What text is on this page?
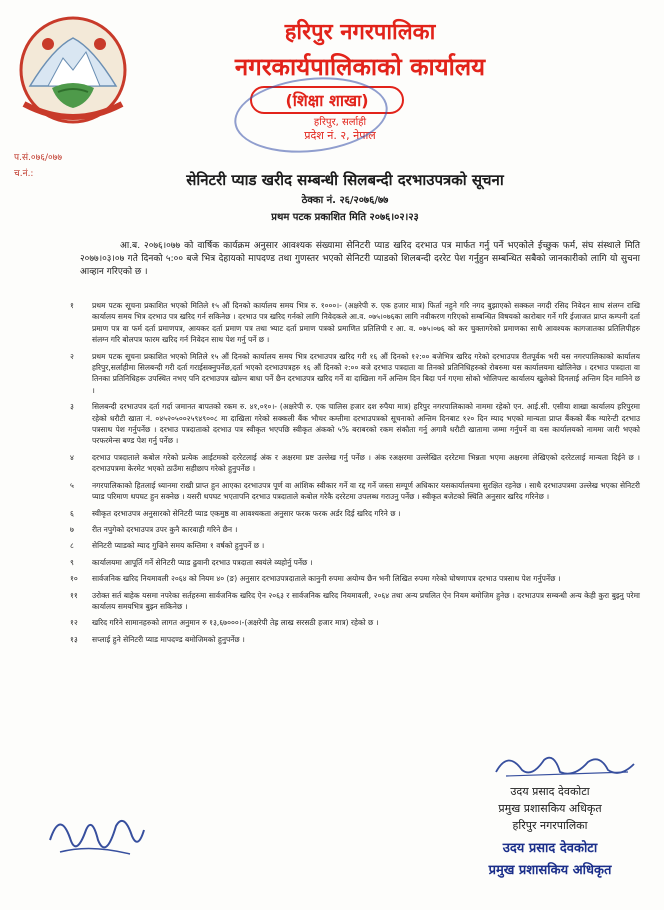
हरिपुर नगरपालिका
नगरकार्यपालिकाको कार्यालय
(शिक्षा शाखा)
हरिपुर, सर्लाही
प्रदेश नं. २, नेपाल
प.सं.०७६/०७७
च.नं.:	सेनिटरी प्याड खरीद सम्बन्धी सिलबन्दी दरभाउपत्रको सूचना
ठेक्का नं. २६/२०७६/७७
प्रथम पटक प्रकाशित मिति २०७६।०२।२३
आ.ब. २०७६।०७७ को वार्षिक कार्यक्रम अनुसार आवश्यक संख्यामा सेनिटरी प्याड खरिद दरभाउ पत्र मार्फत गर्नु पर्ने भएकोले ईच्छुक फर्म, संघ संस्थाले मिति २०७७।०३।०७ गते दिनको ५:०० बजे भित्र देहायको मापदण्ड तथा गुणस्तर भएको सेनिटरी प्याडको शिलबन्दी दररेट पेश गर्नुहुन सम्बन्धित सबैको जानकारीको लागि यो सुचना आव्हान गरिएको छ ।
१	प्रथम पटक सूचना प्रकाशित भएको मितिले १५ औं दिनको कार्यालय समय भित्र रु. १०००।- (अक्षरेपी रु. एक हजार मात्र) फिर्ता नहुने गरि नगद बुझाएको सक्कल नगदी रसिद निवेदन साथ संलग्न राखि कार्यालय समय भित्र दरभाउ पत्र खरिद गर्न सकिनेछ । दरभाउ पत्र खरिद गर्नको लागि निवेदकले आ.व. ०७५।०७६का लागि नवीकरण गरिएको सम्बन्धित विषयको कारोबार गर्ने गरि ईजाजत प्राप्त कम्पनी दर्ता प्रमाण पत्र वा फर्म दर्ता प्रमाणपत्र, आयकर दर्ता प्रमाण पत्र तथा भ्याट दर्ता प्रमाण पत्रको प्रमाणित प्रतिलिपी र आ. व. ०७५।०७६ को कर चुक्तागरेको प्रमाणका साथै आवश्यक कागजातका प्रतिलिपीहरु संलग्न गरि बोलपत्र फारम खरिद गर्न निवेदन साथ पेश गर्नु पर्ने छ ।
२	प्रथम पटक सूचना प्रकाशित भएको मितिले १५ औं दिनको कार्यालय समय भित्र दरभाउपत्र खरिद गरी १६ औं दिनको १२:०० बजेभित्र खरिद गरेको दरभाउपत्र रीतपूर्वक भरी यस नगरपालिकाको कार्यालय हरिपुर,सर्लाहीमा सिलबन्दी गरी दर्ता गराईसक्नुपर्नेछ,दर्ता भएको दरभाउपत्रहरु १६ औं दिनको २:०० बजे दरभाउ पत्रदाता वा तिनको प्रतिनिधिहरुको रोबरुमा यस कार्यालयमा खोलिनेछ । दरभाउ पत्रदाता वा तिनका प्रतिनिधिहरू उपस्थित नभए पनि दरभाउपत्र खोल्न बाधा पर्ने छैन दरभाउपत्र खरिद गर्ने वा दाखिला गर्ने अन्तिम दिन बिदा पर्न गएमा सोको भोलिपल्ट कार्यालय खुलेको दिनलाई अन्तिम दिन मानिने छ ।
३	सिलबन्दी दरभाउपत्र दर्ता गर्दा जमानत बापतको रकम रु. ४१,०१०।- (अक्षरेपी रु. एक चालिस हजार दश रुपैया मात्र) हरिपुर नगरपालिकाको नाममा रहेको एन. आई.सी. एसीया शाखा कार्यालय हरिपुरमा रहेको धरौटी खाता नं. ०४५२०५००२५९४९००८ मा दाखिला गरेको सक्कली बैंक भौचर कम्तीमा दरभाउपत्रको सूचनाको अन्तिम दिनबाट १२० दिन म्याद भएको मान्यता प्राप्त बैंकको बैंक ग्यारेन्टी दरभाउ पत्रसाथ पेश गर्नुपर्नेछ । दरभाउ पत्रदाताको दरभाउ पत्र स्वीकृत भएपछि स्वीकृत अंकको ५% बराबरको रकम संकौता गर्नु अगावै धरौटी खातामा जम्मा गर्नुपर्ने वा यस कार्यालयको नाममा जारी भएको परफरमेन्स बण्ड पेश गर्नु पर्नेछ ।
४	दरभाउ पत्रदाताले कबोल गरेको प्रत्येक आईटमको दररेटलाई अंक र अक्षरमा प्रष्ट उल्लेख गर्नु पर्नेछ । अंक रअक्षरमा उल्लेखित दररेटमा भिन्नता भएमा अक्षरमा लेखिएको दररेटलाई मान्यता दिईने छ । दरभाउपत्रमा केरमेट भएको ठाउँमा सहीछाप गरेको हुनुपर्नेछ ।
५	नगरपालिकाको हितलाई ध्यानमा राखी प्राप्त हुन आएका दरभाउपत्र पूर्ण वा आंशिक स्वीकार गर्ने वा रद्द गर्ने जस्ता सम्पूर्ण अधिकार यसकार्यालयमा सुरक्षित रहनेछ । साथै दरभाउपत्रमा उल्लेख भएका सेनिटरी प्याड परिमाण थपघट हुन सक्नेछ । यसरी थपघट भएतापनि दरभाउ पत्रदाताले कबोल गरेकै दररेटमा उपलब्ध गराउनु पर्नेछ । स्वीकृत बजेटको स्थिति अनुसार खरिद गरिनेछ ।
६	स्वीकृत दरभाउपत्र अनुसारको सेनिटरी प्याड एकमुष्ठ वा आवश्यकता अनुसार फरक फरक अर्डर दिई खरिद गरिने छ ।
७	रीत नपुगेको दरभाउपत्र उपर कुनै कारवाही गरिने छैन ।
८	सेनिटरी प्याडको म्याद गुज्रिने समय कम्तिमा १ वर्षको हुनुपर्ने छ ।
९	कार्यालयमा आपूर्ति गर्ने सेनिटरी प्याड ढुवानी दरभाउ पत्रदाता स्वयंले व्यहोर्नु पर्नेछ ।
१०	सार्वजनिक खरिद नियमावली २०६४ को नियम ४० (ङ) अनुसार दरभाउपत्रदाताले कानुनी रुपमा अयोग्य छैन भनी लिखित रुपमा गरेको घोषणापत्र दरभाउ पत्रसाथ पेश गर्नुपर्नेछ ।
११	उरोक्त सर्त बाहेक यसमा नपरेका सर्तहरुमा सार्वजनिक खरिद ऐन २०६३ र सार्वजनिक खरिद नियमावली, २०६४ तथा अन्य प्रचलित ऐन नियम बमोजिम हुनेछ । दरभाउपत्र सम्बन्धी अन्य केही कुरा बुझ्नु परेमा कार्यालय समयभित्र बुझ्न सकिनेछ ।
१२	खरिद गरिने सामानहरुको लागत अनुमान रु १३,६७०००।-(अक्षरेपी तेह्र लाख सरसठी हजार मात्र) रहेको छ ।
१३	सप्लाई हुने सेनिटरी प्याड मापदण्ड बमोजिमको हुनुपर्नेछ ।
उदय प्रसाद देवकोटा
प्रमुख प्रशासकिय अधिकृत
हरिपुर नगरपालिका
उदय प्रसाद देवकोटा
प्रमुख प्रशासकिय अधिकृत
